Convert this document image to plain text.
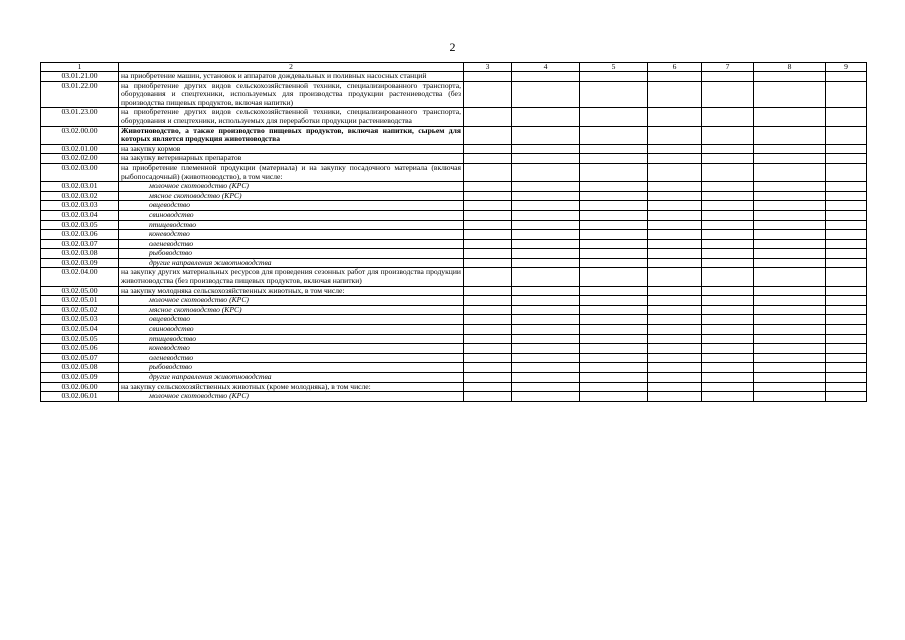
2
1	2	3	4	5	6	7	8	9
03.01.21.00	на приобретение машин, установок и аппаратов дождевальных и поливных насосных станций							
03.01.22.00	на приобретение других видов сельскохозяйственной техники, специализированного транспорта, оборудования и спецтехники, используемых для производства продукции растениеводства (без производства пищевых продуктов, включая напитки)							
03.01.23.00	на приобретение других видов сельскохозяйственной техники, специализированного транспорта, оборудования и спецтехники, используемых для переработки продукции растениеводства							
03.02.00.00	Животноводство, а также производство пищевых продуктов, включая напитки, сырьем для которых является продукция животноводства							
03.02.01.00	на закупку кормов							
03.02.02.00	на закупку ветеринарных препаратов							
03.02.03.00	на приобретение племенной продукции (материала) и на закупку посадочного материала (включая рыбопосадочный) (животноводство), в том числе:							
03.02.03.01	молочное скотоводство (КРС)							
03.02.03.02	мясное скотоводство (КРС)							
03.02.03.03	овцеводство							
03.02.03.04	свиноводство							
03.02.03.05	птицеводство							
03.02.03.06	коневодство							
03.02.03.07	оленеводство							
03.02.03.08	рыбоводство							
03.02.03.09	другие направления животноводства							
03.02.04.00	на закупку других материальных ресурсов для проведения сезонных работ для производства продукции животноводства (без производства пищевых продуктов, включая напитки)							
03.02.05.00	на закупку молодняка сельскохозяйственных животных, в том числе:							
03.02.05.01	молочное скотоводство (КРС)							
03.02.05.02	мясное скотоводство (КРС)							
03.02.05.03	овцеводство							
03.02.05.04	свиноводство							
03.02.05.05	птицеводство							
03.02.05.06	коневодство							
03.02.05.07	оленеводство							
03.02.05.08	рыбоводство							
03.02.05.09	другие направления животноводства							
03.02.06.00	на закупку сельскохозяйственных животных (кроме молодняка), в том числе:							
03.02.06.01	молочное скотоводство (КРС)							
